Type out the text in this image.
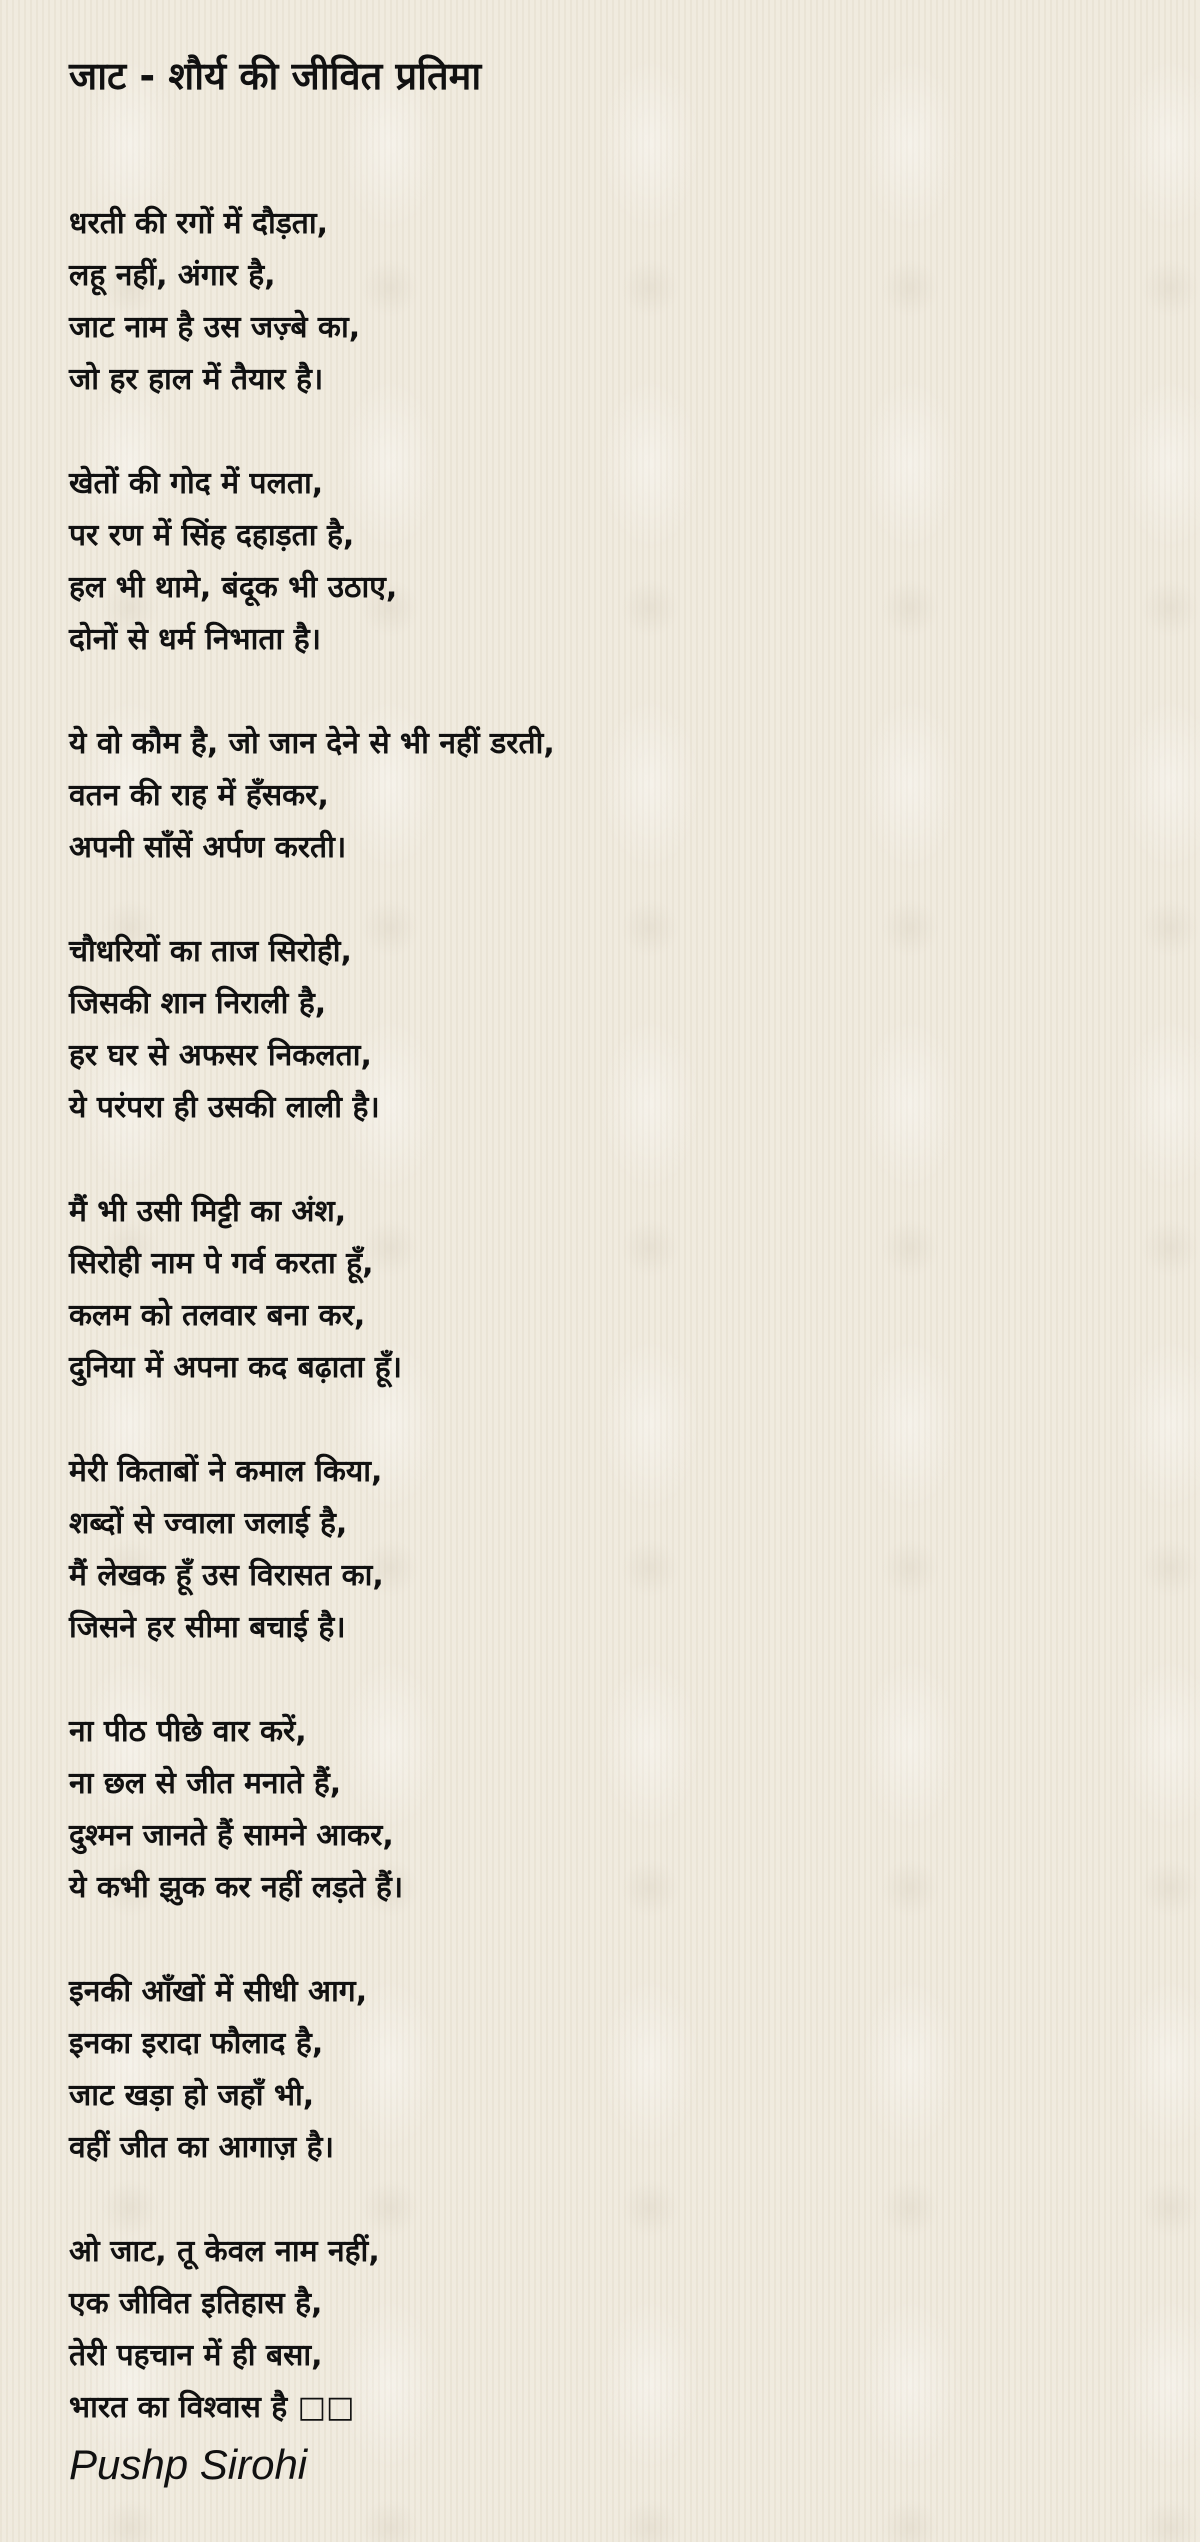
जाट - शौर्य की जीवित प्रतिमा
धरती की रगों में दौड़ता,
लहू नहीं, अंगार है,
जाट नाम है उस जज़्बे का,
जो हर हाल में तैयार है।
खेतों की गोद में पलता,
पर रण में सिंह दहाड़ता है,
हल भी थामे, बंदूक भी उठाए,
दोनों से धर्म निभाता है।
ये वो कौम है, जो जान देने से भी नहीं डरती,
वतन की राह में हँसकर,
अपनी साँसें अर्पण करती।
चौधरियों का ताज सिरोही,
जिसकी शान निराली है,
हर घर से अफसर निकलता,
ये परंपरा ही उसकी लाली है।
मैं भी उसी मिट्टी का अंश,
सिरोही नाम पे गर्व करता हूँ,
कलम को तलवार बना कर,
दुनिया में अपना कद बढ़ाता हूँ।
मेरी किताबों ने कमाल किया,
शब्दों से ज्वाला जलाई है,
मैं लेखक हूँ उस विरासत का,
जिसने हर सीमा बचाई है।
ना पीठ पीछे वार करें,
ना छल से जीत मनाते हैं,
दुश्मन जानते हैं सामने आकर,
ये कभी झुक कर नहीं लड़ते हैं।
इनकी आँखों में सीधी आग,
इनका इरादा फौलाद है,
जाट खड़ा हो जहाँ भी,
वहीं जीत का आगाज़ है।
ओ जाट, तू केवल नाम नहीं,
एक जीवित इतिहास है,
तेरी पहचान में ही बसा,
भारत का विश्वास है □□
Pushp Sirohi
